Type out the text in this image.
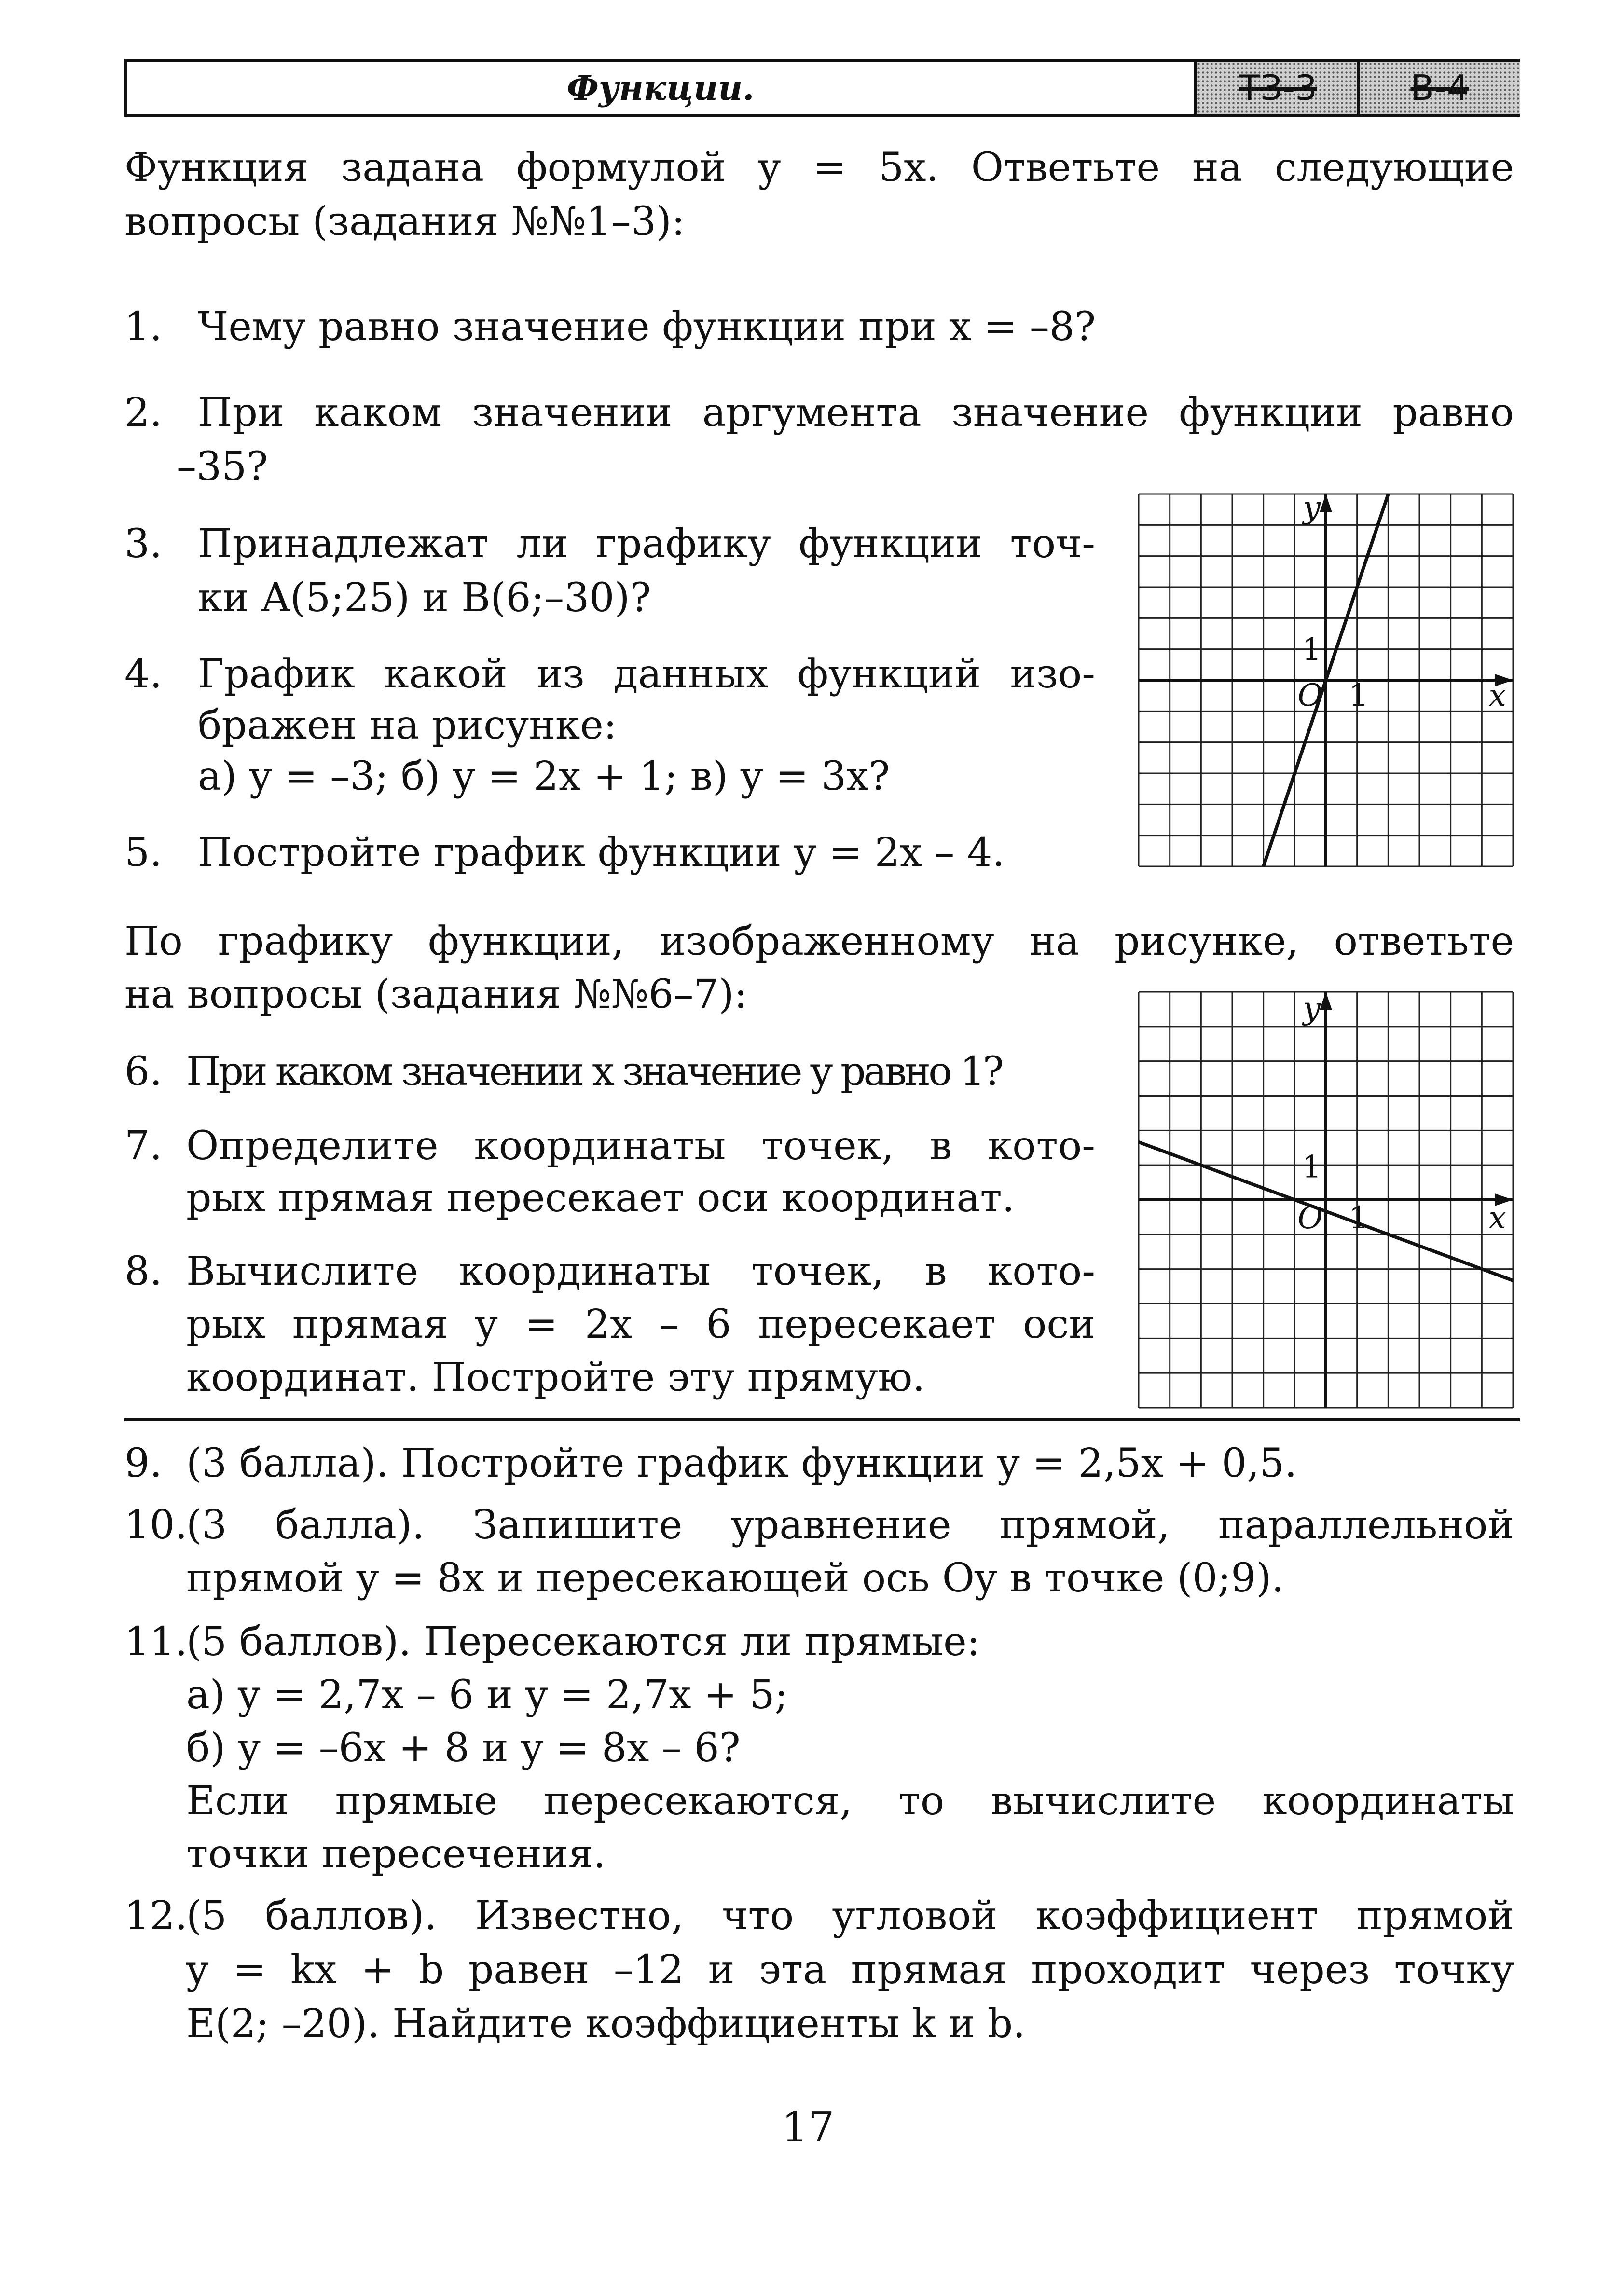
Функции.	ТЗ-3	В-4
Функция задана формулой y = 5x. Ответьте на следующие
вопросы (задания №№1–3):
1. Чему равно значение функции при x = –8?
2. При каком значении аргумента значение функции равно
–35?
3. Принадлежат ли графику функции точ-
ки A(5;25) и B(6;–30)?
4. График какой из данных функций изо-
бражен на рисунке:
а) y = –3; б) y = 2x + 1; в) y = 3x?
5. Постройте график функции y = 2x – 4.
y
x
O 1
1
По графику функции, изображенному на рисунке, ответьте
на вопросы (задания №№6–7):
6. При каком значении x значение y равно 1?
7. Определите координаты точек, в кото-
рых прямая пересекает оси координат.
8. Вычислите координаты точек, в кото-
рых прямая y = 2x – 6 пересекает оси
координат. Постройте эту прямую.
y
x
O 1
1
9. (3 балла). Постройте график функции y = 2,5x + 0,5.
10.
(3 балла). Запишите уравнение прямой, параллельной
прямой y = 8x и пересекающей ось Oy в точке (0;9).
11.
(5 баллов). Пересекаются ли прямые:
а) y = 2,7x – 6 и y = 2,7x + 5;
б) y = –6x + 8 и y = 8x – 6?
Если прямые пересекаются, то вычислите координаты
точки пересечения.
12.
(5 баллов). Известно, что угловой коэффициент прямой
y = kx + b равен –12 и эта прямая проходит через точку
E(2; –20). Найдите коэффициенты k и b.
17
